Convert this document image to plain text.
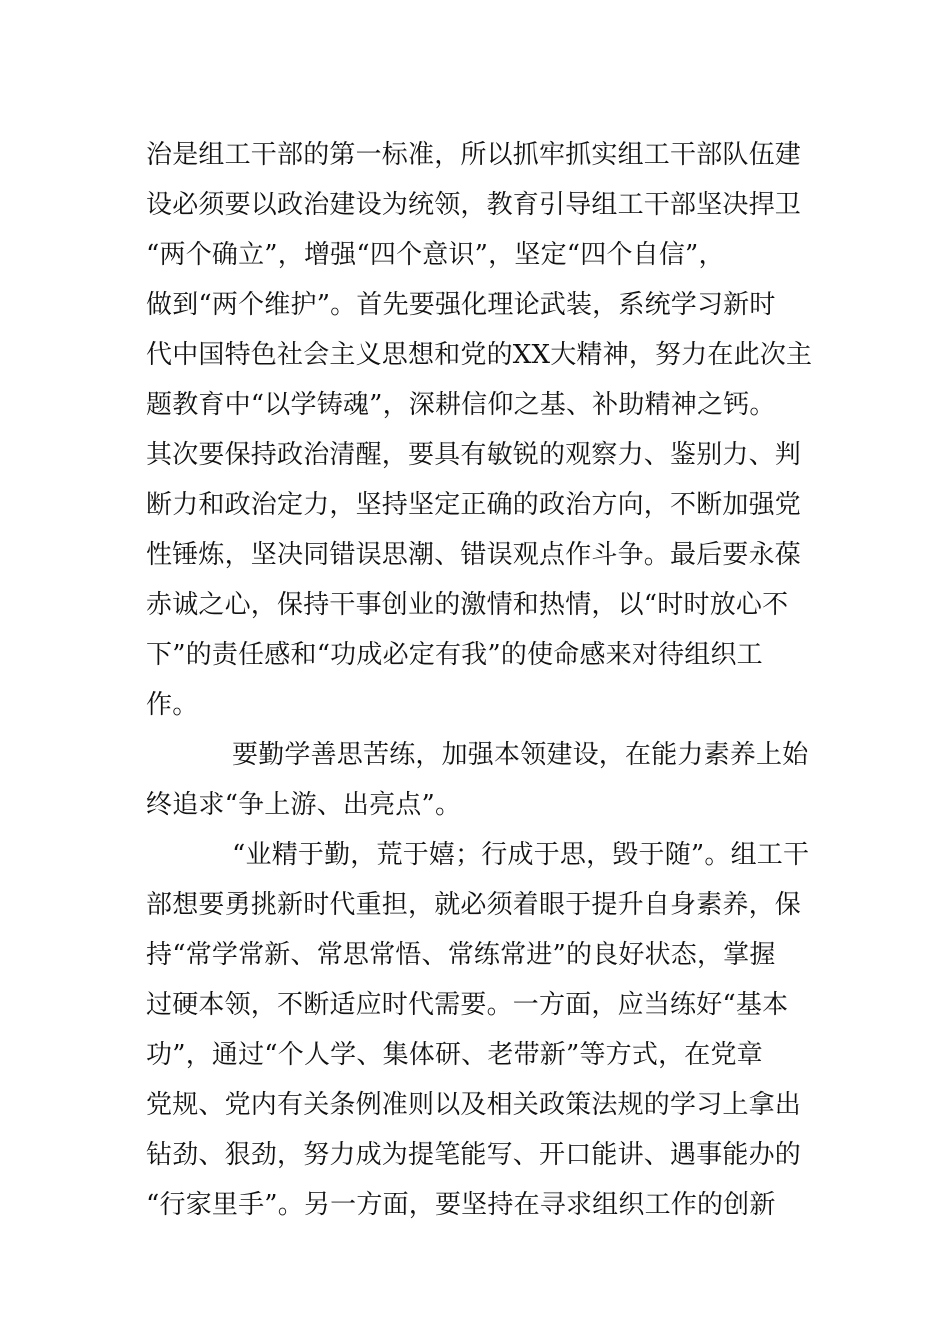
治是组工干部的第一标准，所以抓牢抓实组工干部队伍建
设必须要以政治建设为统领，教育引导组工干部坚决捍卫
“两个确立”，增强“四个意识”，坚定“四个自信”，
做到“两个维护”。首先要强化理论武装，系统学习新时
代中国特色社会主义思想和党的XX大精神，努力在此次主
题教育中“以学铸魂”，深耕信仰之基、补助精神之钙。
其次要保持政治清醒，要具有敏锐的观察力、鉴别力、判
断力和政治定力，坚持坚定正确的政治方向，不断加强党
性锤炼，坚决同错误思潮、错误观点作斗争。最后要永葆
赤诚之心，保持干事创业的激情和热情，以“时时放心不
下”的责任感和“功成必定有我”的使命感来对待组织工
作。
要勤学善思苦练，加强本领建设，在能力素养上始
终追求“争上游、出亮点”。
“业精于勤，荒于嬉；行成于思，毁于随”。组工干
部想要勇挑新时代重担，就必须着眼于提升自身素养，保
持“常学常新、常思常悟、常练常进”的良好状态，掌握
过硬本领，不断适应时代需要。一方面，应当练好“基本
功”，通过“个人学、集体研、老带新”等方式，在党章
党规、党内有关条例准则以及相关政策法规的学习上拿出
钻劲、狠劲，努力成为提笔能写、开口能讲、遇事能办的
“行家里手”。另一方面，要坚持在寻求组织工作的创新
